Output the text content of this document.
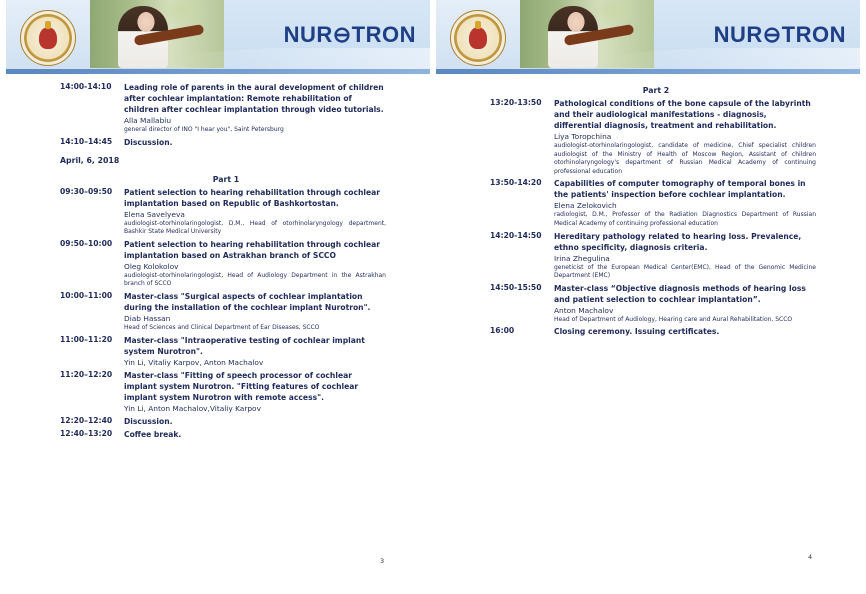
NUR⊖TRON
14:00-14:10	Leading role of parents in the aural development of children after cochlear implantation: Remote rehabilitation of children after cochlear implantation through video tutorials.
Alla Mallabiu
general director of INO "I hear you", Saint Petersburg
14:10–14:45	Discussion.
April, 6, 2018
Part 1
09:30–09:50	Patient selection to hearing rehabilitation through cochlear implantation based on Republic of Bashkortostan.
Elena Savelyeva
audiologist-otorhinolaringologist, D.M., Head of otorhinolaryngology department, Bashkir State Medical University
09:50–10:00	Patient selection to hearing rehabilitation through cochlear implantation based on Astrakhan branch of SCCO
Oleg Kolokolov
audiologist-otorhinolaringologist, Head of Audiology Department in the Astrakhan branch of SCCO
10:00–11:00	Master-class "Surgical aspects of cochlear implantation during the installation of the cochlear implant Nurotron".
Diab Hassan
Head of Sciences and Clinical Department of Ear Diseases, SCCO
11:00–11:20	Master-class "Intraoperative testing of cochlear implant system Nurotron".
Yin Li, Vitaliy Karpov, Anton Machalov
11:20–12:20	Master-class "Fitting of speech processor of cochlear implant system Nurotron. "Fitting features of cochlear implant system Nurotron with remote access".
Yin Li, Anton Machalov,Vitaliy Karpov
12:20–12:40	Discussion.
12:40–13:20	Coffee break.
3
NUR⊖TRON
Part 2
13:20-13:50	Pathological conditions of the bone capsule of the labyrinth and their audiological manifestations - diagnosis, differential diagnosis, treatment and rehabilitation.
Liya Toropchina
audiologist-otorhinolaringologist, candidate of medicine, Chief specialist children audiologist of the Ministry of Health of Moscow Region, Assistant of children otorhinolaryngology's department of Russian Medical Academy of continuing professional education
13:50-14:20	Capabilities of computer tomography of temporal bones in the patients' inspection before cochlear implantation.
Elena Zelokovich
radiologist, D.M., Professor of the Radiation Diagnostics Department of Russian Medical Academy of continuing professional education
14:20-14:50	Hereditary pathology related to hearing loss. Prevalence, ethno specificity, diagnosis criteria.
Irina Zhegulina
geneticist of the European Medical Center(EMC), Head of the Genomic Medicine Department (EMC)
14:50-15:50	Master-class “Objective diagnosis methods of hearing loss and patient selection to cochlear implantation”.
Anton Machalov
Head of Department of Audiology, Hearing care and Aural Rehabilitation, SCCO
16:00	Closing ceremony. Issuing certificates.
4
